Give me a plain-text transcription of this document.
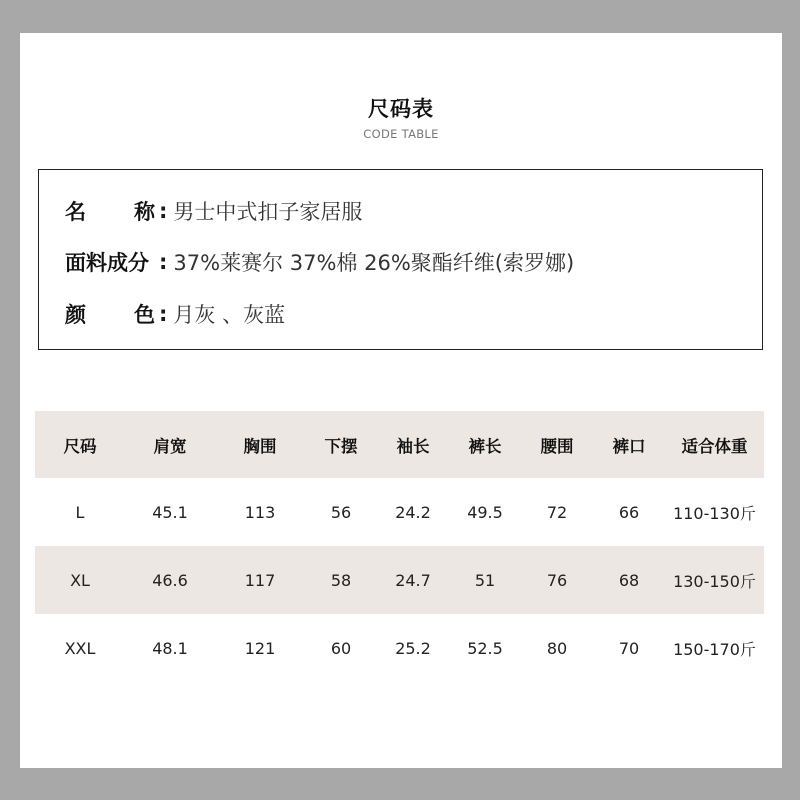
尺码表
CODE TABLE
名 称 : 男士中式扣子家居服
面料成分 : 37%莱赛尔 37%棉 26%聚酯纤维(索罗娜)
颜 色 : 月灰 、灰蓝
尺码	肩宽	胸围	下摆	袖长	裤长	腰围	裤口	适合体重
L	45.1	113	56	24.2	49.5	72	66	110-130斤
XL	46.6	117	58	24.7	51	76	68	130-150斤
XXL	48.1	121	60	25.2	52.5	80	70	150-170斤
